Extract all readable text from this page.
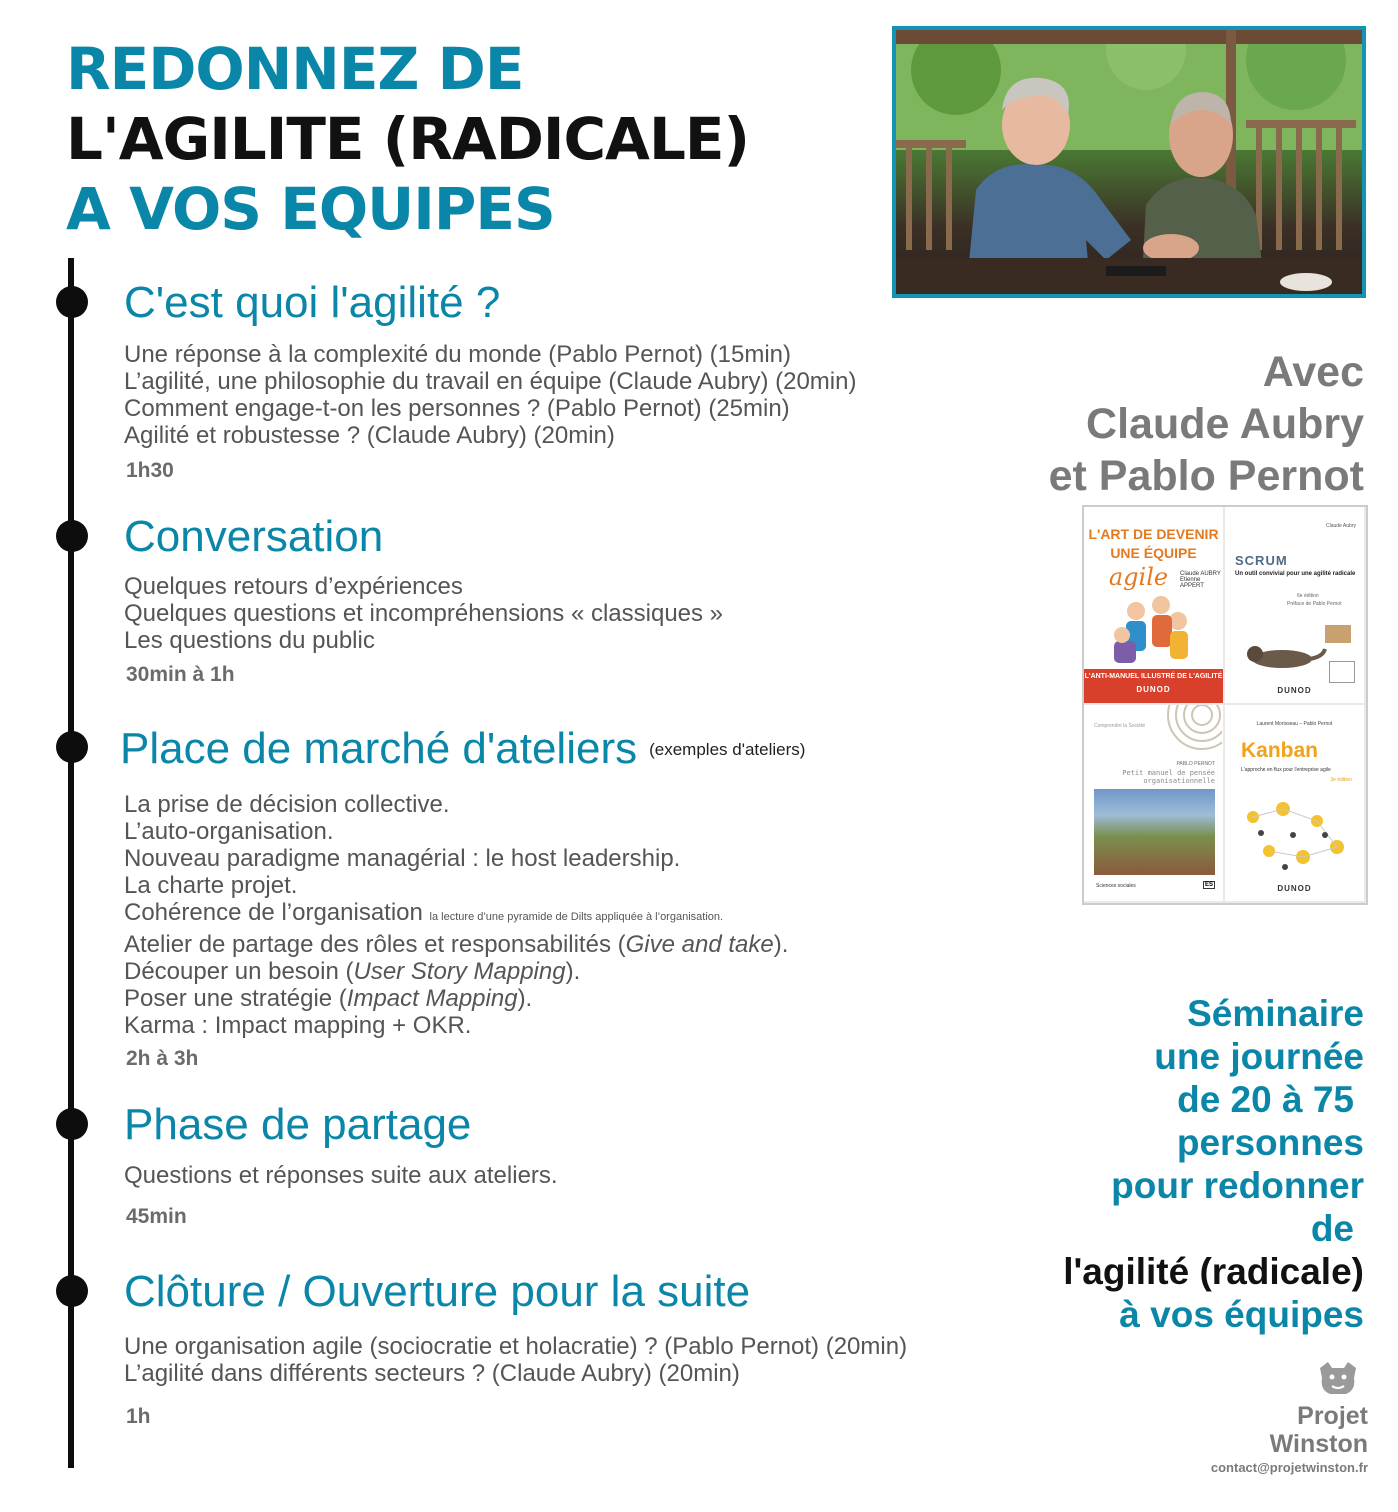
REDONNEZ DE
L'AGILITE (RADICALE)
A VOS EQUIPES
C'est quoi l'agilité ?
Une réponse à la complexité du monde (Pablo Pernot) (15min)
L’agilité, une philosophie du travail en équipe (Claude Aubry) (20min)
Comment engage-t-on les personnes ? (Pablo Pernot) (25min)
Agilité et robustesse ? (Claude Aubry) (20min)
1h30
Conversation
Quelques retours d’expériences
Quelques questions et incompréhensions « classiques »
Les questions du public
30min à 1h
Place de marché d'ateliers (exemples d'ateliers)
La prise de décision collective.
L’auto-organisation.
Nouveau paradigme managérial : le host leadership.
La charte projet.
Cohérence de l’organisation la lecture d’une pyramide de Dilts appliquée à l’organisation.
Atelier de partage des rôles et responsabilités (Give and take).
Découper un besoin (User Story Mapping).
Poser une stratégie (Impact Mapping).
Karma : Impact mapping + OKR.
2h à 3h
Phase de partage
Questions et réponses suite aux ateliers.
45min
Clôture / Ouverture pour la suite
Une organisation agile (sociocratie et holacratie) ? (Pablo Pernot) (20min)
L’agilité dans différents secteurs ? (Claude Aubry) (20min)
1h
Avec
Claude Aubry
et Pablo Pernot
L'ART DE DEVENIR
UNE ÉQUIPE
agile	Claude AUBRY
Etienne APPERT
L'ANTI-MANUEL ILLUSTRÉ DE L'AGILITÉ
DUNOD
Claude Aubry
SCRUM
Un outil convivial pour une agilité radicale
6e édition
Préface de Pablo Pernot
DUNOD
Comprendre la Société
PABLO PERNOT
Petit manuel de pensée organisationnelle
Sciences sociales	ES
Laurent Morisseau – Pablo Pernot
Kanban
L'approche en flux pour l'entreprise agile
3e édition
DUNOD
Séminaire
une journée
de 20 à 75
personnes
pour redonner
de
l'agilité (radicale)
à vos équipes
Projet
Winston
contact@projetwinston.fr
